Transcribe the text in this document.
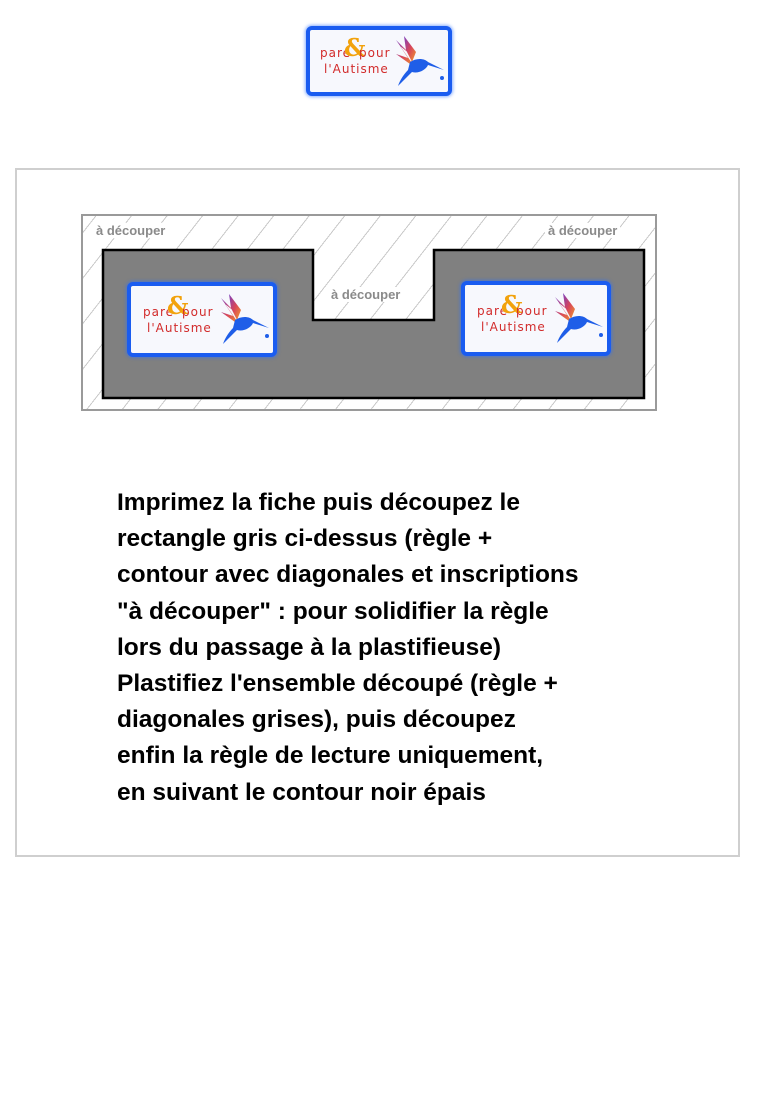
paré
&
pour
l'Autisme
à découper	à découper
à découper
paré
&
pour
l'Autisme
paré
&
pour
l'Autisme
Imprimez la fiche puis découpez le
rectangle gris ci-dessus (règle +
contour avec diagonales et inscriptions
"à découper" : pour solidifier la règle
lors du passage à la plastifieuse)
Plastifiez l'ensemble découpé (règle +
diagonales grises), puis découpez
enfin la règle de lecture uniquement,
en suivant le contour noir épais
